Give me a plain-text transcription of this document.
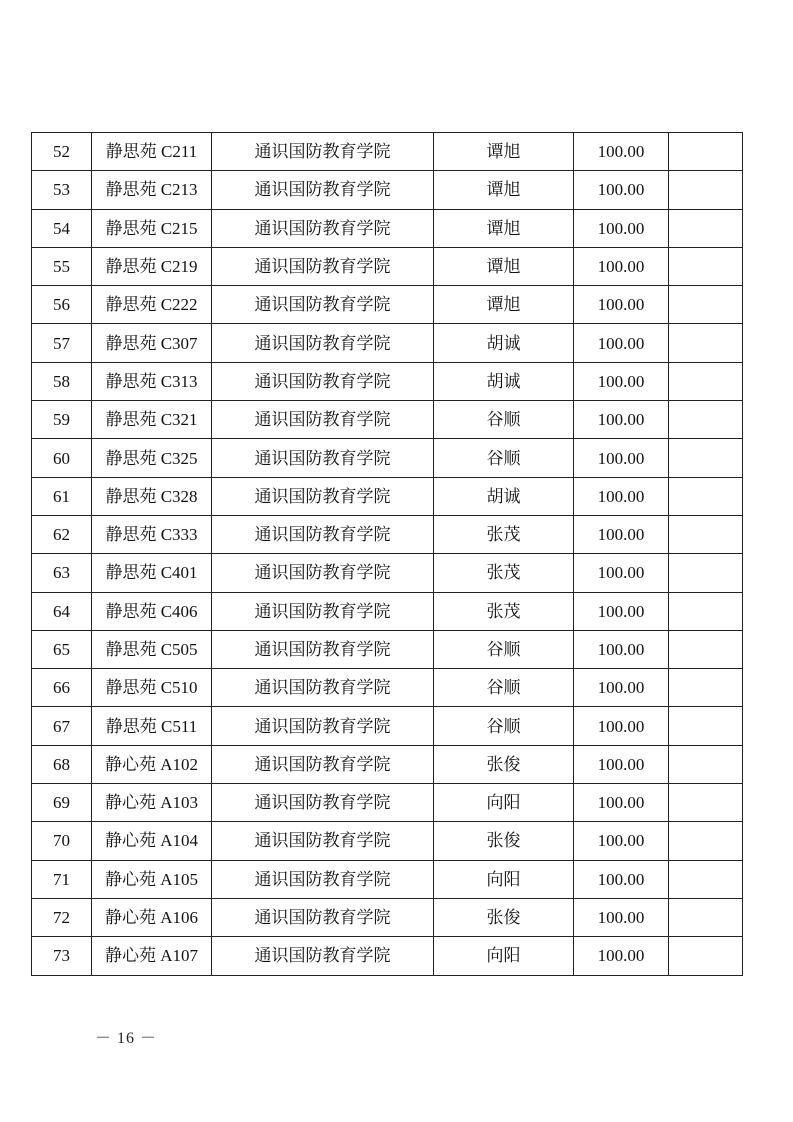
52	静思苑 C211	通识国防教育学院	谭旭	100.00	
53	静思苑 C213	通识国防教育学院	谭旭	100.00	
54	静思苑 C215	通识国防教育学院	谭旭	100.00	
55	静思苑 C219	通识国防教育学院	谭旭	100.00	
56	静思苑 C222	通识国防教育学院	谭旭	100.00	
57	静思苑 C307	通识国防教育学院	胡诚	100.00	
58	静思苑 C313	通识国防教育学院	胡诚	100.00	
59	静思苑 C321	通识国防教育学院	谷顺	100.00	
60	静思苑 C325	通识国防教育学院	谷顺	100.00	
61	静思苑 C328	通识国防教育学院	胡诚	100.00	
62	静思苑 C333	通识国防教育学院	张茂	100.00	
63	静思苑 C401	通识国防教育学院	张茂	100.00	
64	静思苑 C406	通识国防教育学院	张茂	100.00	
65	静思苑 C505	通识国防教育学院	谷顺	100.00	
66	静思苑 C510	通识国防教育学院	谷顺	100.00	
67	静思苑 C511	通识国防教育学院	谷顺	100.00	
68	静心苑 A102	通识国防教育学院	张俊	100.00	
69	静心苑 A103	通识国防教育学院	向阳	100.00	
70	静心苑 A104	通识国防教育学院	张俊	100.00	
71	静心苑 A105	通识国防教育学院	向阳	100.00	
72	静心苑 A106	通识国防教育学院	张俊	100.00	
73	静心苑 A107	通识国防教育学院	向阳	100.00	
－ 16 －
